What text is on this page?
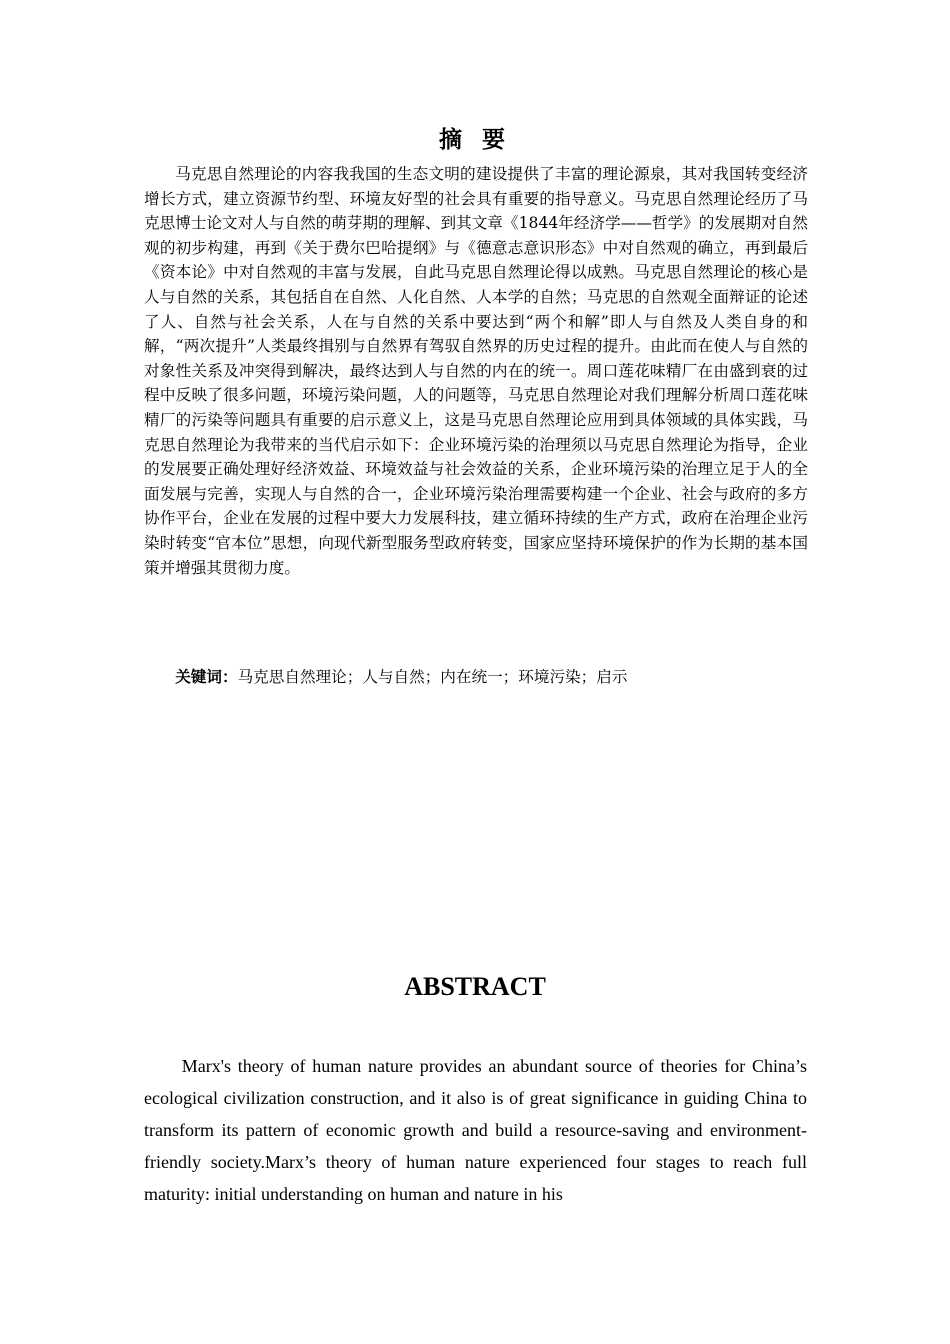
摘 要

马克思自然理论的内容我我国的生态文明的建设提供了丰富的理论源泉，其对我国转变经济增长方式，建立资源节约型、环境友好型的社会具有重要的指导意义。马克思自然理论经历了马克思博士论文对人与自然的萌芽期的理解、到其文章《1844年经济学——哲学》的发展期对自然观的初步构建，再到《关于费尔巴哈提纲》与《德意志意识形态》中对自然观的确立，再到最后《资本论》中对自然观的丰富与发展，自此马克思自然理论得以成熟。马克思自然理论的核心是人与自然的关系，其包括自在自然、人化自然、人本学的自然；马克思的自然观全面辩证的论述了人、自然与社会关系，人在与自然的关系中要达到“两个和解”即人与自然及人类自身的和解，“两次提升”人类最终揖别与自然界有驾驭自然界的历史过程的提升。由此而在使人与自然的对象性关系及冲突得到解决，最终达到人与自然的内在的统一。周口莲花味精厂在由盛到衰的过程中反映了很多问题，环境污染问题，人的问题等，马克思自然理论对我们理解分析周口莲花味精厂的污染等问题具有重要的启示意义上，这是马克思自然理论应用到具体领域的具体实践，马克思自然理论为我带来的当代启示如下：企业环境污染的治理须以马克思自然理论为指导，企业的发展要正确处理好经济效益、环境效益与社会效益的关系，企业环境污染的治理立足于人的全面发展与完善，实现人与自然的合一，企业环境污染治理需要构建一个企业、社会与政府的多方协作平台，企业在发展的过程中要大力发展科技，建立循环持续的生产方式，政府在治理企业污染时转变“官本位”思想，向现代新型服务型政府转变，国家应坚持环境保护的作为长期的基本国策并增强其贯彻力度。

关键词：马克思自然理论；人与自然；内在统一；环境污染；启示

ABSTRACT

Marx's theory of human nature provides an abundant source of theories for China’s ecological civilization construction, and it also is of great significance in guiding China to transform its pattern of economic growth and build a resource-saving and environment-friendly society.Marx’s theory of human nature experienced four stages to reach full maturity: initial understanding on human and nature in his
